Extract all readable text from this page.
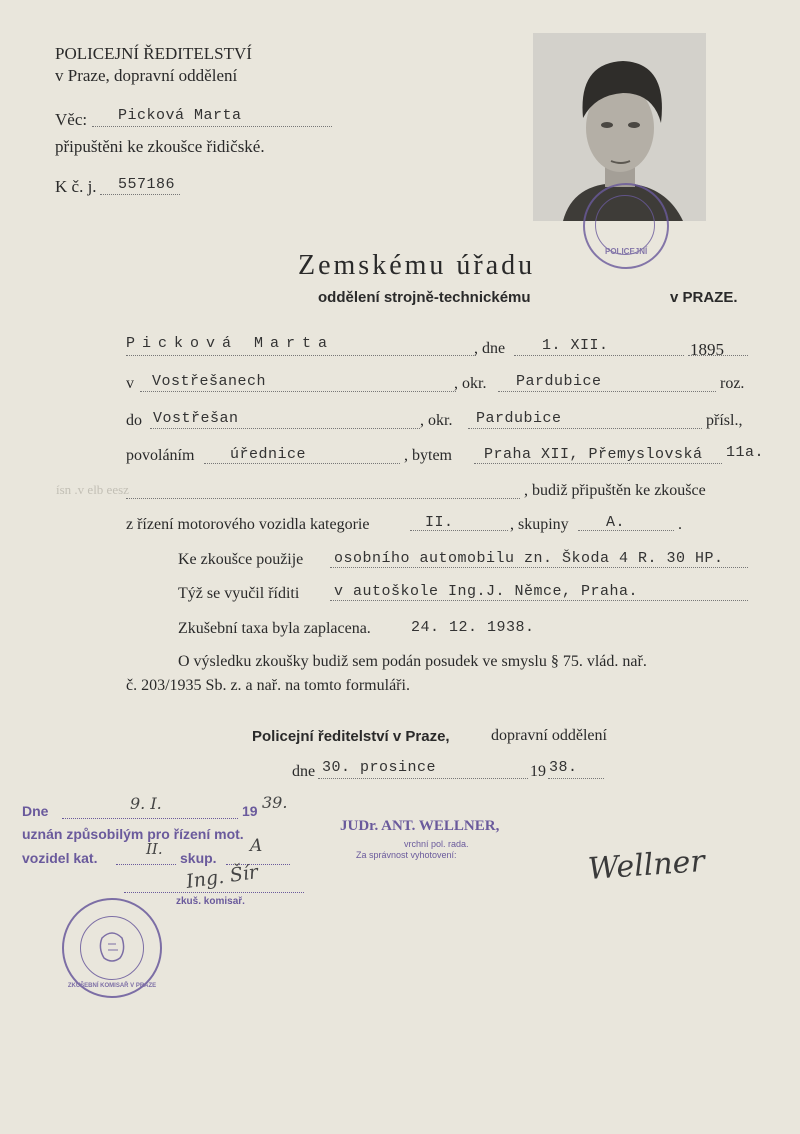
POLICEJNÍ ŘEDITELSTVÍ
v Praze, dopravní oddělení
Věc: Picková Marta
připuštěni ke zkoušce řidičské.
K č. j. 557186
POLICEJNÍ
Zemskému úřadu
oddělení strojně-technickému	v PRAZE.
Picková Marta	, dne 1. XII.	1895
v Vostřešanech	, okr. Pardubice	roz.
do Vostřešan	, okr. Pardubice	přísl.,
povoláním úřednice	, bytem Praha XII, Přemyslovská 11a.
ísn .v elb eesz	, budiž připuštěn ke zkoušce
z řízení motorového vozidla kategorie	II.	, skupiny A.	.
Ke zkoušce použije osobního automobilu zn. Škoda 4 R. 30 HP.
Týž se vyučil říditi v autoškole Ing.J. Němce, Praha.
Zkušební taxa byla zaplacena.	24. 12. 1938.
O výsledku zkoušky budiž sem podán posudek ve smyslu § 75. vlád. nař.
č. 203/1935 Sb. z. a nař. na tomto formuláři.
Policejní ředitelství v Praze,	dopravní oddělení
dne 30. prosince	19 38.
Dne	9. I.	19 39.
uznán způsobilým pro řízení mot.
vozidel kat.	II. skup.
A
Ing. Šír
zkuš. komisař.
ZKUŠEBNÍ KOMISAŘ V PRAZE
JUDr. ANT. WELLNER,
vrchní pol. rada.
Za správnost vyhotovení:	Wellner
